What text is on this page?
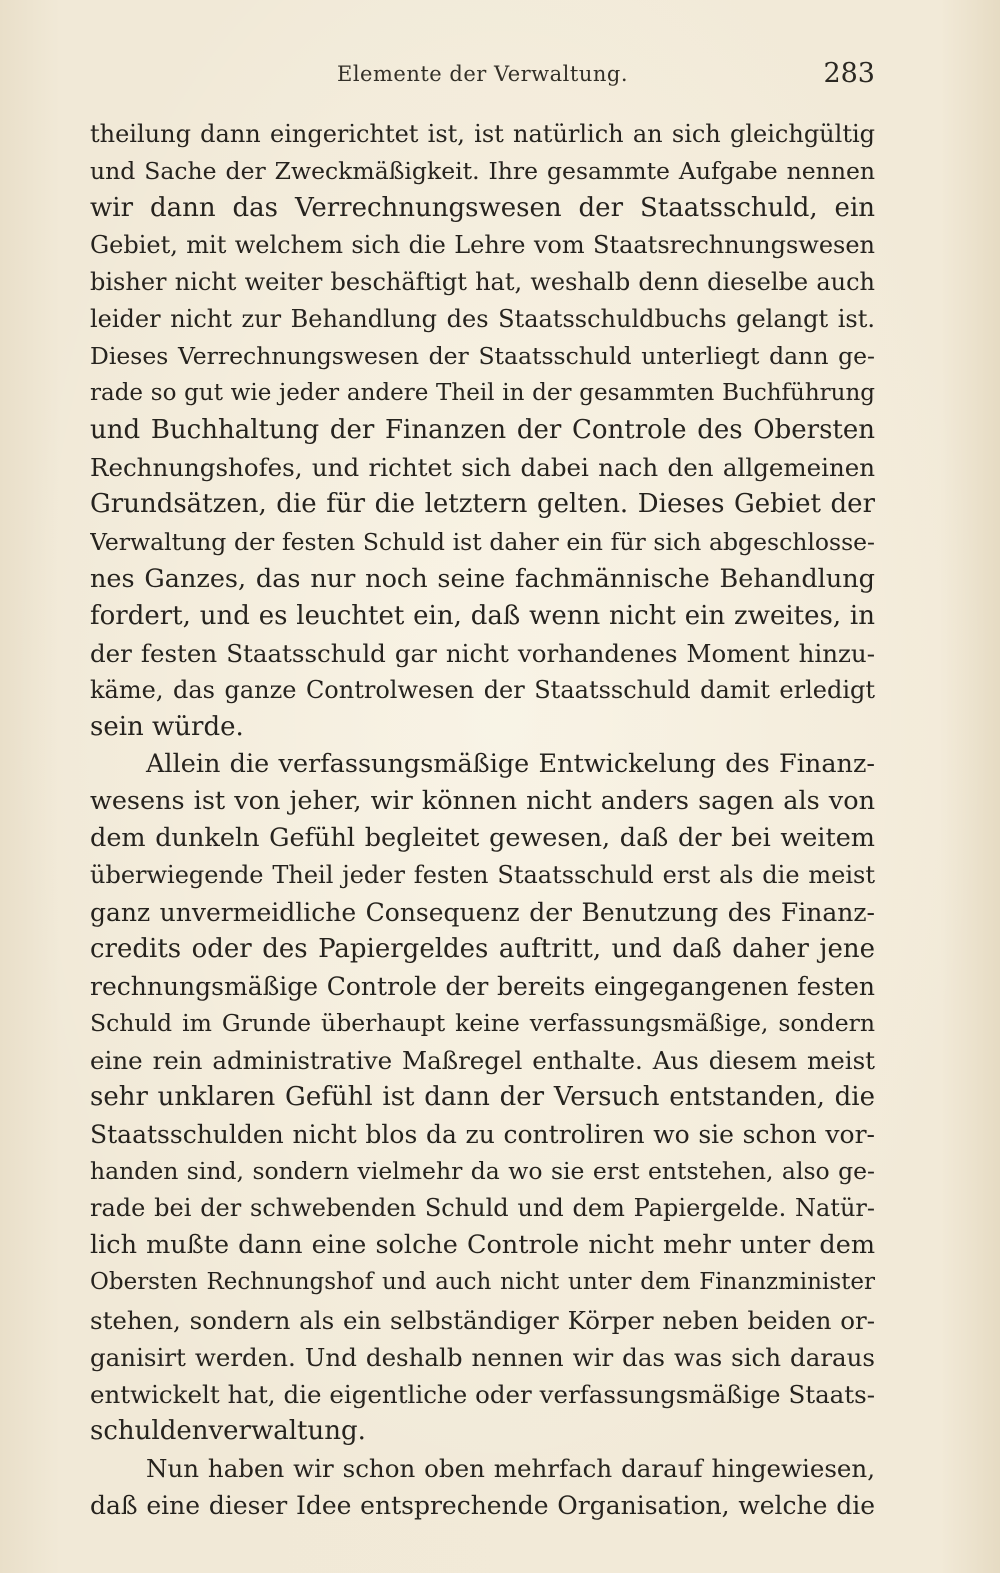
Elemente der Verwaltung.	283
theilung dann eingerichtet ist, ist natürlich an sich gleichgültig
und Sache der Zweckmäßigkeit. Ihre gesammte Aufgabe nennen
wir dann das Verrechnungswesen der Staatsschuld, ein
Gebiet, mit welchem sich die Lehre vom Staatsrechnungswesen
bisher nicht weiter beschäftigt hat, weshalb denn dieselbe auch
leider nicht zur Behandlung des Staatsschuldbuchs gelangt ist.
Dieses Verrechnungswesen der Staatsschuld unterliegt dann ge-
rade so gut wie jeder andere Theil in der gesammten Buchführung
und Buchhaltung der Finanzen der Controle des Obersten
Rechnungshofes, und richtet sich dabei nach den allgemeinen
Grundsätzen, die für die letztern gelten. Dieses Gebiet der
Verwaltung der festen Schuld ist daher ein für sich abgeschlosse-
nes Ganzes, das nur noch seine fachmännische Behandlung
fordert, und es leuchtet ein, daß wenn nicht ein zweites, in
der festen Staatsschuld gar nicht vorhandenes Moment hinzu-
käme, das ganze Controlwesen der Staatsschuld damit erledigt
sein würde.
Allein die verfassungsmäßige Entwickelung des Finanz-
wesens ist von jeher, wir können nicht anders sagen als von
dem dunkeln Gefühl begleitet gewesen, daß der bei weitem
überwiegende Theil jeder festen Staatsschuld erst als die meist
ganz unvermeidliche Consequenz der Benutzung des Finanz-
credits oder des Papiergeldes auftritt, und daß daher jene
rechnungsmäßige Controle der bereits eingegangenen festen
Schuld im Grunde überhaupt keine verfassungsmäßige, sondern
eine rein administrative Maßregel enthalte. Aus diesem meist
sehr unklaren Gefühl ist dann der Versuch entstanden, die
Staatsschulden nicht blos da zu controliren wo sie schon vor-
handen sind, sondern vielmehr da wo sie erst entstehen, also ge-
rade bei der schwebenden Schuld und dem Papiergelde. Natür-
lich mußte dann eine solche Controle nicht mehr unter dem
Obersten Rechnungshof und auch nicht unter dem Finanzminister
stehen, sondern als ein selbständiger Körper neben beiden or-
ganisirt werden. Und deshalb nennen wir das was sich daraus
entwickelt hat, die eigentliche oder verfassungsmäßige Staats-
schuldenverwaltung.
Nun haben wir schon oben mehrfach darauf hingewiesen,
daß eine dieser Idee entsprechende Organisation, welche die
